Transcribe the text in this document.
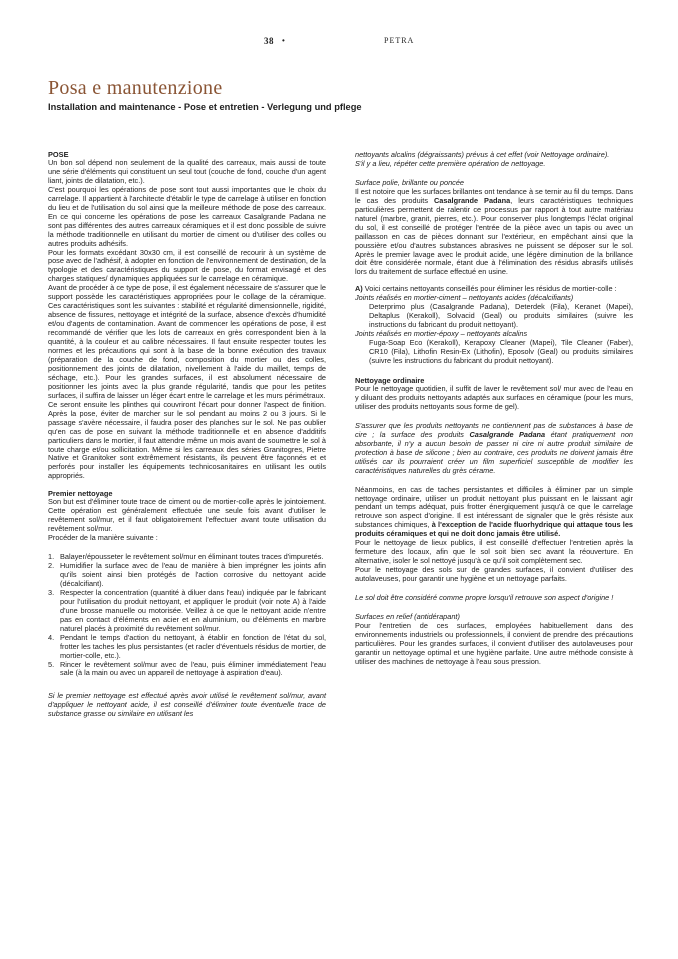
38 •	PETRA
Posa e manutenzione
Installation and maintenance - Pose et entretien - Verlegung und pflege
POSE

Un bon sol dépend non seulement de la qualité des carreaux, mais aussi de toute une série d'éléments qui constituent un seul tout (couche de fond, couche d'un agent liant, joints de dilatation, etc.).

C'est pourquoi les opérations de pose sont tout aussi importantes que le choix du carrelage. Il appartient à l'architecte d'établir le type de carrelage à utiliser en fonction du lieu et de l'utilisation du sol ainsi que la meilleure méthode de pose des carreaux. En ce qui concerne les opérations de pose les carreaux Casalgrande Padana ne sont pas différentes des autres carreaux céramiques et il est donc possible de suivre la méthode traditionnelle en utilisant du mortier de ciment ou d'utiliser des colles ou autres produits adhésifs.

Pour les formats excédant 30x30 cm, il est conseillé de recourir à un système de pose avec de l'adhésif, à adopter en fonction de l'environnement de destination, de la typologie et des caractéristiques du support de pose, du format envisagé et des charges statiques/ dynamiques appliquées sur le carrelage en céramique.

Avant de procéder à ce type de pose, il est également nécessaire de s'assurer que le support possède les caractéristiques appropriées pour le collage de la céramique. Ces caractéristiques sont les suivantes : stabilité et régularité dimensionnelle, rigidité, absence de fissures, nettoyage et intégrité de la surface, absence d'excès d'humidité et/ou d'agents de contamination. Avant de commencer les opérations de pose, il est recommandé de vérifier que les lots de carreaux en grès correspondent bien à la quantité, à la couleur et au calibre nécessaires. Il faut ensuite respecter toutes les normes et les précautions qui sont à la base de la bonne exécution des travaux (préparation de la couche de fond, composition du mortier ou des colles, positionnement des joints de dilatation, nivellement à l'aide du maillet, temps de séchage, etc.). Pour les grandes surfaces, il est absolument nécessaire de positionner les joints avec la plus grande régularité, tandis que pour les petites surfaces, il suffira de laisser un léger écart entre le carrelage et les murs périmétraux.

Ce seront ensuite les plinthes qui couvriront l'écart pour donner l'aspect de finition. Après la pose, éviter de marcher sur le sol pendant au moins 2 ou 3 jours. Si le passage s'avère nécessaire, il faudra poser des planches sur le sol. Ne pas oublier qu'en cas de pose en suivant la méthode traditionnelle et en absence d'additifs particuliers dans le mortier, il faut attendre même un mois avant de soumettre le sol à toute charge et/ou sollicitation. Même si les carreaux des séries Granitogres, Pietre Native et Granitoker sont extrêmement résistants, ils peuvent être façonnés et et perforés pour installer les équipements technicosanitaires en utilisant les outils appropriés.

Premier nettoyage

Son but est d'éliminer toute trace de ciment ou de mortier-colle après le jointoiement. Cette opération est généralement effectuée une seule fois avant d'utiliser le revêtement sol/mur, et il faut obligatoirement l'effectuer avant toute utilisation du revêtement sol/mur.

Procéder de la manière suivante :

1. Balayer/épousseter le revêtement sol/mur en éliminant toutes traces d'impuretés.
2. Humidifier la surface avec de l'eau de manière à bien imprégner les joints afin qu'ils soient ainsi bien protégés de l'action corrosive du nettoyant acide (décalcifiant).
3. Respecter la concentration (quantité à diluer dans l'eau) indiquée par le fabricant pour l'utilisation du produit nettoyant, et appliquer le produit (voir note A) à l'aide d'une brosse manuelle ou motorisée. Veillez à ce que le nettoyant acide n'entre pas en contact d'éléments en acier et en aluminium, ou d'éléments en marbre naturel placés à proximité du revêtement sol/mur.
4. Pendant le temps d'action du nettoyant, à établir en fonction de l'état du sol, frotter les taches les plus persistantes (et racler d'éventuels résidus de mortier, de mortier-colle, etc.).
5. Rincer le revêtement sol/mur avec de l'eau, puis éliminer immédiatement l'eau sale (à la main ou avec un appareil de nettoyage à aspiration d'eau).

Si le premier nettoyage est effectué après avoir utilisé le revêtement sol/mur, avant d'appliquer le nettoyant acide, il est conseillé d'éliminer toute éventuelle trace de substance grasse ou similaire en utilisant les

nettoyants alcalins (dégraissants) prévus à cet effet (voir Nettoyage ordinaire).

S'il y a lieu, répéter cette première opération de nettoyage.

Surface polie, brillante ou poncée

Il est notoire que les surfaces brillantes ont tendance à se ternir au fil du temps. Dans le cas des produits Casalgrande Padana, leurs caractéristiques techniques particulières permettent de ralentir ce processus par rapport à tout autre matériau naturel (marbre, granit, pierres, etc.). Pour conserver plus longtemps l'éclat original du sol, il est conseillé de protéger l'entrée de la pièce avec un tapis ou avec un paillasson en cas de pièces donnant sur l'extérieur, en empêchant ainsi que la poussière et/ou d'autres substances abrasives ne puissent se déposer sur le sol. Après le premier lavage avec le produit acide, une légère diminution de la brillance doit être considérée normale, étant due à l'élimination des résidus abrasifs utilisés lors du traitement de surface effectué en usine.

A) Voici certains nettoyants conseillés pour éliminer les résidus de mortier-colle :

Joints réalisés en mortier-ciment – nettoyants acides (décalcifiants)

Deterprimo plus (Casalgrande Padana), Deterdek (Fila), Keranet (Mapei), Deltaplus (Kerakoll), Solvacid (Geal) ou produits similaires (suivre les instructions du fabricant du produit nettoyant).

Joints réalisés en mortier-époxy – nettoyants alcalins

Fuga-Soap Eco (Kerakoll), Kerapoxy Cleaner (Mapei), Tile Cleaner (Faber), CR10 (Fila), Lithofin Resin-Ex (Lithofin), Eposolv (Geal) ou produits similaires (suivre les instructions du fabricant du produit nettoyant).

Nettoyage ordinaire

Pour le nettoyage quotidien, il suffit de laver le revêtement sol/ mur avec de l'eau en y diluant des produits nettoyants adaptés aux surfaces en céramique (pour les murs, utiliser des produits nettoyants sous forme de gel).

S'assurer que les produits nettoyants ne contiennent pas de substances à base de cire ; la surface des produits Casalgrande Padana étant pratiquement non absorbante, il n'y a aucun besoin de passer ni cire ni autre produit similaire de protection à base de silicone ; bien au contraire, ces produits ne doivent jamais être utilisés car ils pourraient créer un film superficiel susceptible de modifier les caractéristiques naturelles du grès cérame.

Néanmoins, en cas de taches persistantes et difficiles à éliminer par un simple nettoyage ordinaire, utiliser un produit nettoyant plus puissant en le laissant agir pendant un temps adéquat, puis frotter énergiquement jusqu'à ce que le carrelage retrouve son aspect d'origine. Il est intéressant de signaler que le grès résiste aux substances chimiques, à l'exception de l'acide fluorhydrique qui attaque tous les produits céramiques et qui ne doit donc jamais être utilisé.

Pour le nettoyage de lieux publics, il est conseillé d'effectuer l'entretien après la fermeture des locaux, afin que le sol soit bien sec avant la réouverture. En alternative, isoler le sol nettoyé jusqu'à ce qu'il soit complètement sec.

Pour le nettoyage des sols sur de grandes surfaces, il convient d'utiliser des autolaveuses, pour garantir une hygiène et un nettoyage parfaits.

Le sol doit être considéré comme propre lorsqu'il retrouve son aspect d'origine !

Surfaces en relief (antidérapant)

Pour l'entretien de ces surfaces, employées habituellement dans des environnements industriels ou professionnels, il convient de prendre des précautions particulières. Pour les grandes surfaces, il convient d'utiliser des autolaveuses pour garantir un nettoyage optimal et une hygiène parfaite. Une autre méthode consiste à utiliser des machines de nettoyage à l'eau sous pression.
